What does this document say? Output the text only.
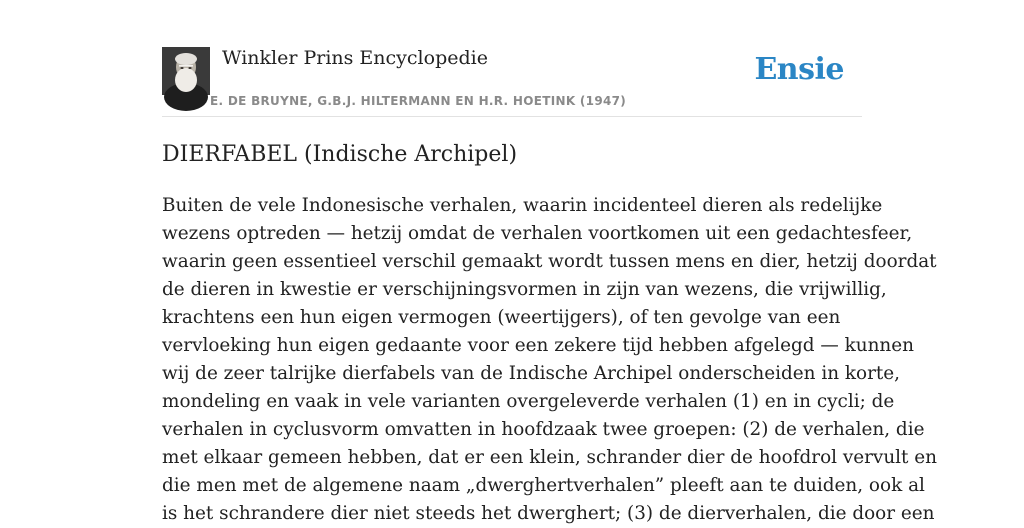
Winkler Prins Encyclopedie
E. DE BRUYNE, G.B.J. HILTERMANN EN H.R. HOETINK (1947)
Ensie
DIERFABEL (Indische Archipel)
Buiten de vele Indonesische verhalen, waarin incidenteel dieren als redelijke
wezens optreden — hetzij omdat de verhalen voortkomen uit een gedachtesfeer,
waarin geen essentieel verschil gemaakt wordt tussen mens en dier, hetzij doordat
de dieren in kwestie er verschijningsvormen in zijn van wezens, die vrijwillig,
krachtens een hun eigen vermogen (weertijgers), of ten gevolge van een
vervloeking hun eigen gedaante voor een zekere tijd hebben afgelegd — kunnen
wij de zeer talrijke dierfabels van de Indische Archipel onderscheiden in korte,
mondeling en vaak in vele varianten overgeleverde verhalen (1) en in cycli; de
verhalen in cyclusvorm omvatten in hoofdzaak twee groepen: (2) de verhalen, die
met elkaar gemeen hebben, dat er een klein, schrander dier de hoofdrol vervult en
die men met de algemene naam „dwerghertverhalen” pleeft aan te duiden, ook al
is het schrandere dier niet steeds het dwerghert; (3) de dierverhalen, die door een
